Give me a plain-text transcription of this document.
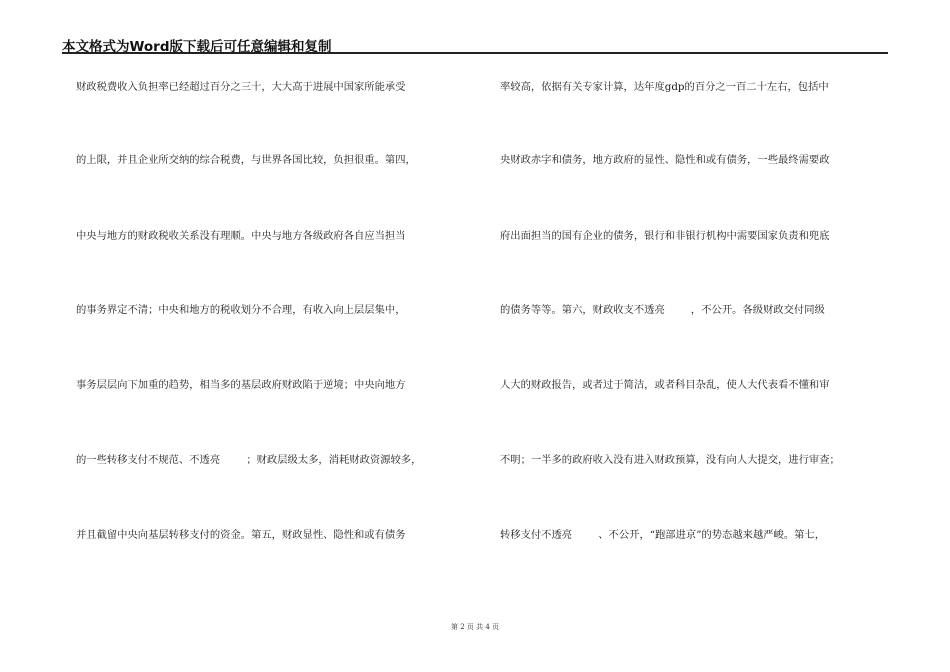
本文格式为Word版下载后可任意编辑和复制
财政税费收入负担率已经超过百分之三十，大大高于进展中国家所能承受
的上限，并且企业所交纳的综合税费，与世界各国比较，负担很重。第四，
中央与地方的财政税收关系没有理顺。中央与地方各级政府各自应当担当
的事务界定不清；中央和地方的税收划分不合理，有收入向上层层集中，
事务层层向下加重的趋势，相当多的基层政府财政陷于逆境；中央向地方
的一些转移支付不规范、不透亮        ；财政层级太多，消耗财政资源较多，
并且截留中央向基层转移支付的资金。第五，财政显性、隐性和或有债务
率较高，依据有关专家计算，达年度gdp的百分之一百二十左右，包括中
央财政赤字和债务，地方政府的显性、隐性和或有债务，一些最终需要政
府出面担当的国有企业的债务，银行和非银行机构中需要国家负责和兜底
的债务等等。第六，财政收支不透亮        ，不公开。各级财政交付同级
人大的财政报告，或者过于简洁，或者科目杂乱，使人大代表看不懂和审
不明；一半多的政府收入没有进入财政预算，没有向人大提交，进行审查；
转移支付不透亮        、不公开，“跑部进京”的势态越来越严峻。第七，
第 2 页 共 4 页
